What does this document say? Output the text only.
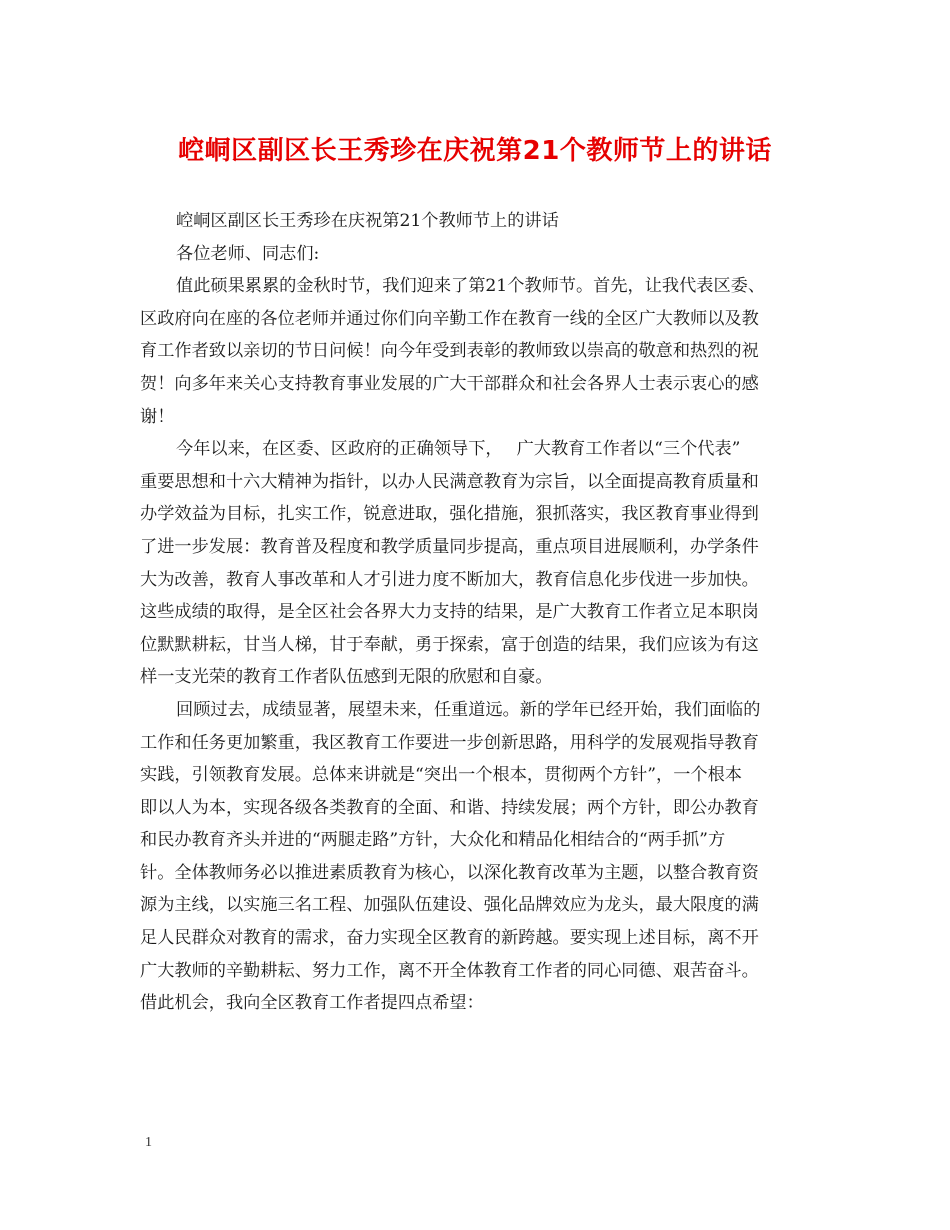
崆峒区副区长王秀珍在庆祝第21个教师节上的讲话

崆峒区副区长王秀珍在庆祝第21个教师节上的讲话

各位老师、同志们:

值此硕果累累的金秋时节，我们迎来了第21个教师节。首先，让我代表区委、
区政府向在座的各位老师并通过你们向辛勤工作在教育一线的全区广大教师以及教
育工作者致以亲切的节日问候！向今年受到表彰的教师致以崇高的敬意和热烈的祝
贺！向多年来关心支持教育事业发展的广大干部群众和社会各界人士表示衷心的感
谢！

今年以来，在区委、区政府的正确领导下，　 广大教育工作者以“三个代表”
重要思想和十六大精神为指针，以办人民满意教育为宗旨，以全面提高教育质量和
办学效益为目标，扎实工作，锐意进取，强化措施，狠抓落实，我区教育事业得到
了进一步发展：教育普及程度和教学质量同步提高，重点项目进展顺利，办学条件
大为改善，教育人事改革和人才引进力度不断加大，教育信息化步伐进一步加快。
这些成绩的取得，是全区社会各界大力支持的结果，是广大教育工作者立足本职岗
位默默耕耘，甘当人梯，甘于奉献，勇于探索，富于创造的结果，我们应该为有这
样一支光荣的教育工作者队伍感到无限的欣慰和自豪。

回顾过去，成绩显著，展望未来，任重道远。新的学年已经开始，我们面临的
工作和任务更加繁重，我区教育工作要进一步创新思路，用科学的发展观指导教育
实践，引领教育发展。总体来讲就是“突出一个根本，贯彻两个方针”，一个根本
即以人为本，实现各级各类教育的全面、和谐、持续发展；两个方针，即公办教育
和民办教育齐头并进的“两腿走路”方针，大众化和精品化相结合的“两手抓”方
针。全体教师务必以推进素质教育为核心，以深化教育改革为主题，以整合教育资
源为主线，以实施三名工程、加强队伍建设、强化品牌效应为龙头，最大限度的满
足人民群众对教育的需求，奋力实现全区教育的新跨越。要实现上述目标，离不开
广大教师的辛勤耕耘、努力工作，离不开全体教育工作者的同心同德、艰苦奋斗。
借此机会，我向全区教育工作者提四点希望：

1
